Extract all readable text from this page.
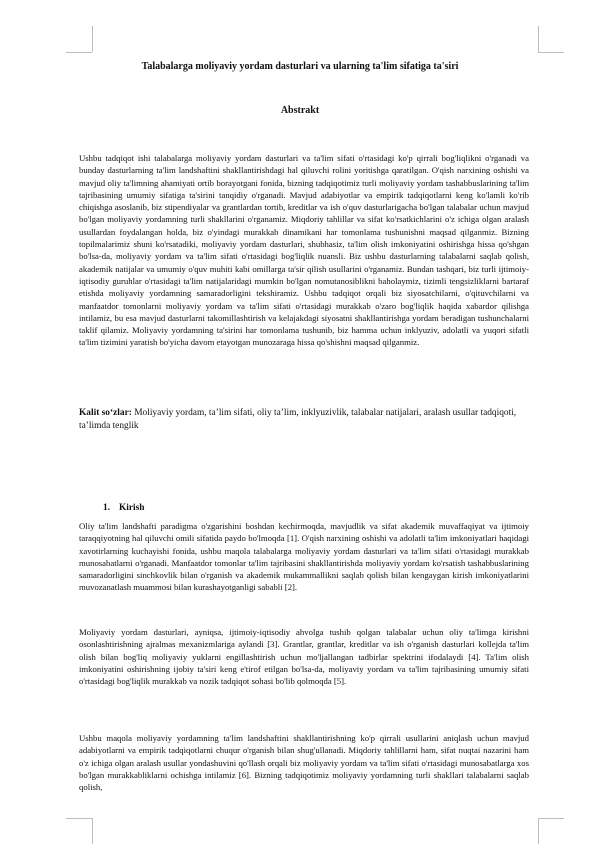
Talabalarga moliyaviy yordam dasturlari va ularning ta'lim sifatiga ta'siri
Abstrakt

Ushbu tadqiqot ishi talabalarga moliyaviy yordam dasturlari va ta'lim sifati o'rtasidagi ko'p qirrali bog'liqlikni o'rganadi va bunday dasturlarning ta'lim landshaftini shakllantirishdagi hal qiluvchi rolini yoritishga qaratilgan. O'qish narxining oshishi va mavjud oliy ta'limning ahamiyati ortib borayotgani fonida, bizning tadqiqotimiz turli moliyaviy yordam tashabbuslarining ta'lim tajribasining umumiy sifatiga ta'sirini tanqidiy o'rganadi. Mavjud adabiyotlar va empirik tadqiqotlarni keng ko'lamli ko'rib chiqishga asoslanib, biz stipendiyalar va grantlardan tortib, kreditlar va ish o'quv dasturlarigacha bo'lgan talabalar uchun mavjud bo'lgan moliyaviy yordamning turli shakllarini o'rganamiz. Miqdoriy tahlillar va sifat ko'rsatkichlarini o'z ichiga olgan aralash usullardan foydalangan holda, biz o'yindagi murakkab dinamikani har tomonlama tushunishni maqsad qilganmiz. Bizning topilmalarimiz shuni ko'rsatadiki, moliyaviy yordam dasturlari, shubhasiz, ta'lim olish imkoniyatini oshirishga hissa qo'shgan bo'lsa-da, moliyaviy yordam va ta'lim sifati o'rtasidagi bog'liqlik nuansli. Biz ushbu dasturlarning talabalarni saqlab qolish, akademik natijalar va umumiy o'quv muhiti kabi omillarga ta'sir qilish usullarini o'rganamiz. Bundan tashqari, biz turli ijtimoiy-iqtisodiy guruhlar o'rtasidagi ta'lim natijalaridagi mumkin bo'lgan nomutanosiblikni baholaymiz, tizimli tengsizliklarni bartaraf etishda moliyaviy yordamning samaradorligini tekshiramiz. Ushbu tadqiqot orqali biz siyosatchilarni, o'qituvchilarni va manfaatdor tomonlarni moliyaviy yordam va ta'lim sifati o'rtasidagi murakkab o'zaro bog'liqlik haqida xabardor qilishga intilamiz, bu esa mavjud dasturlarni takomillashtirish va kelajakdagi siyosatni shakllantirishga yordam beradigan tushunchalarni taklif qilamiz. Moliyaviy yordamning ta'sirini har tomonlama tushunib, biz hamma uchun inklyuziv, adolatli va yuqori sifatli ta'lim tizimini yaratish bo'yicha davom etayotgan munozaraga hissa qo'shishni maqsad qilganmiz.

Kalit so‘zlar: Moliyaviy yordam, ta’lim sifati, oliy ta’lim, inklyuzivlik, talabalar natijalari, aralash usullar tadqiqoti, ta’limda tenglik

1. Kirish

Oliy ta'lim landshafti paradigma o'zgarishini boshdan kechirmoqda, mavjudlik va sifat akademik muvaffaqiyat va ijtimoiy taraqqiyotning hal qiluvchi omili sifatida paydo bo'lmoqda [1]. O'qish narxining oshishi va adolatli ta'lim imkoniyatlari haqidagi xavotirlarning kuchayishi fonida, ushbu maqola talabalarga moliyaviy yordam dasturlari va ta'lim sifati o'rtasidagi murakkab munosabatlarni o'rganadi. Manfaatdor tomonlar ta'lim tajribasini shakllantirishda moliyaviy yordam ko'rsatish tashabbuslarining samaradorligini sinchkovlik bilan o'rganish va akademik mukammallikni saqlab qolish bilan kengaygan kirish imkoniyatlarini muvozanatlash muammosi bilan kurashayotganligi sababli [2].

Moliyaviy yordam dasturlari, ayniqsa, ijtimoiy-iqtisodiy ahvolga tushib qolgan talabalar uchun oliy ta'limga kirishni osonlashtirishning ajralmas mexanizmlariga aylandi [3]. Grantlar, grantlar, kreditlar va ish o'rganish dasturlari kollejda ta'lim olish bilan bog'liq moliyaviy yuklarni engillashtirish uchun mo'ljallangan tadbirlar spektrini ifodalaydi [4]. Ta'lim olish imkoniyatini oshirishning ijobiy ta'siri keng e'tirof etilgan bo'lsa-da, moliyaviy yordam va ta'lim tajribasining umumiy sifati o'rtasidagi bog'liqlik murakkab va nozik tadqiqot sohasi bo'lib qolmoqda [5].

Ushbu maqola moliyaviy yordamning ta'lim landshaftini shakllantirishning ko'p qirrali usullarini aniqlash uchun mavjud adabiyotlarni va empirik tadqiqotlarni chuqur o'rganish bilan shug'ullanadi. Miqdoriy tahlillarni ham, sifat nuqtai nazarini ham o'z ichiga olgan aralash usullar yondashuvini qo'llash orqali biz moliyaviy yordam va ta'lim sifati o'rtasidagi munosabatlarga xos bo'lgan murakkabliklarni ochishga intilamiz [6]. Bizning tadqiqotimiz moliyaviy yordamning turli shakllari talabalarni saqlab qolish,
